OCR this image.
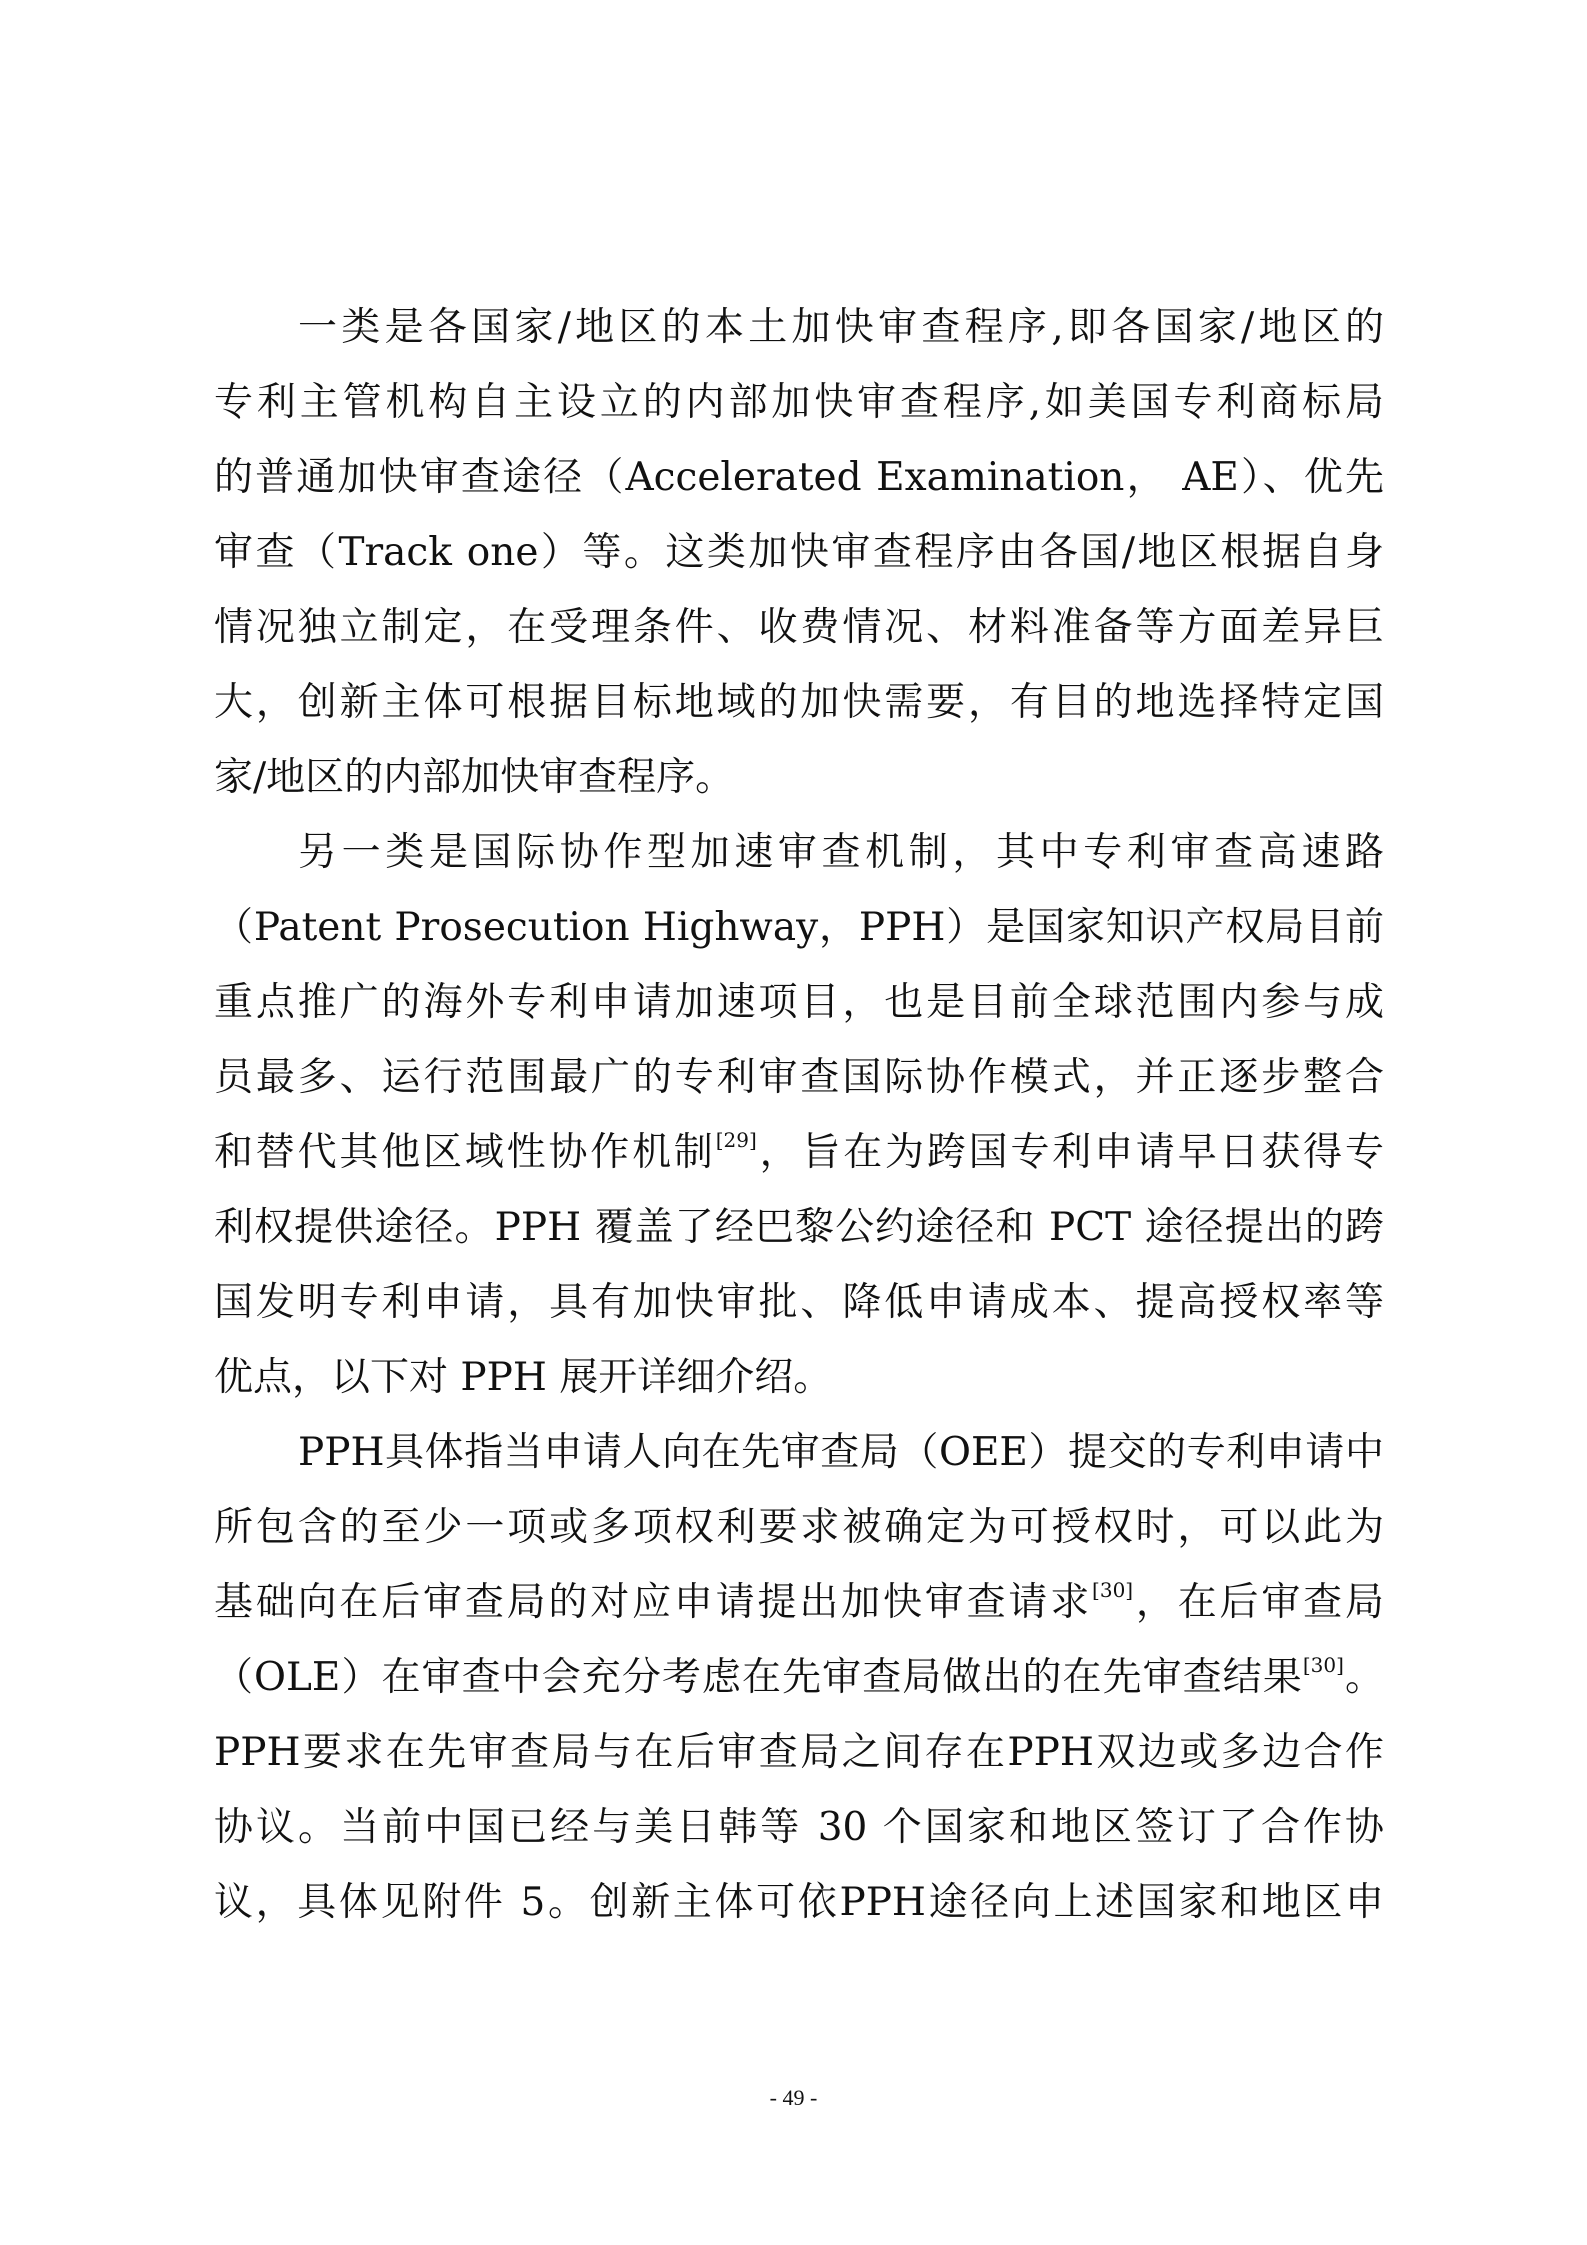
一类是各国家/地区的本土加快审查程序,即各国家/地区的
专利主管机构自主设立的内部加快审查程序,如美国专利商标局
的普通加快审查途径（Accelerated Examination， AE）、优先
审查（Track one）等。这类加快审查程序由各国/地区根据自身
情况独立制定，在受理条件、收费情况、材料准备等方面差异巨
大，创新主体可根据目标地域的加快需要，有目的地选择特定国
家/地区的内部加快审查程序。
另一类是国际协作型加速审查机制，其中专利审查高速路
（Patent Prosecution Highway，PPH）是国家知识产权局目前
重点推广的海外专利申请加速项目，也是目前全球范围内参与成
员最多、运行范围最广的专利审查国际协作模式，并正逐步整合
和替代其他区域性协作机制[29]，旨在为跨国专利申请早日获得专
利权提供途径。PPH 覆盖了经巴黎公约途径和 PCT 途径提出的跨
国发明专利申请，具有加快审批、降低申请成本、提高授权率等
优点，以下对 PPH 展开详细介绍。
PPH具体指当申请人向在先审查局（OEE）提交的专利申请中
所包含的至少一项或多项权利要求被确定为可授权时，可以此为
基础向在后审查局的对应申请提出加快审查请求[30]，在后审查局
（OLE）在审查中会充分考虑在先审查局做出的在先审查结果[30]。
PPH要求在先审查局与在后审查局之间存在PPH双边或多边合作
协议。当前中国已经与美日韩等 30 个国家和地区签订了合作协
议，具体见附件 5。创新主体可依PPH途径向上述国家和地区申
- 49 -
